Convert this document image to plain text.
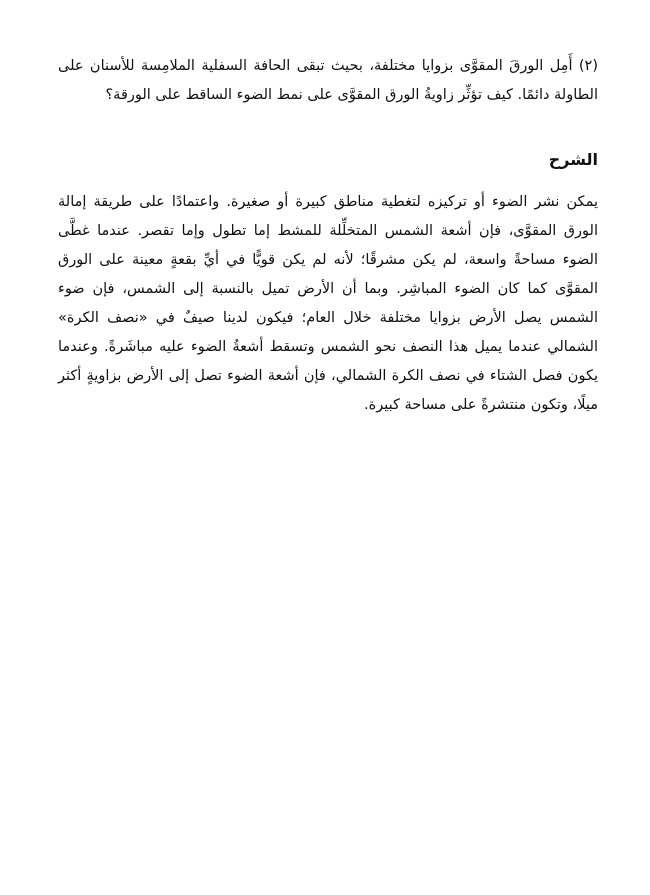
(٢) أَمِل الورقَ المقوَّى بزوايا مختلفة، بحيث تبقى الحافة السفلية الملامِسة للأسنان على الطاولة دائمًا. كيف تؤثِّر زاويةُ الورق المقوَّى على نمط الضوء الساقط على الورقة؟

الشرح

يمكن نشر الضوء أو تركيزه لتغطية مناطق كبيرة أو صغيرة. واعتمادًا على طريقة إمالة الورق المقوَّى، فإن أشعة الشمس المتخلِّلة للمشط إما تطول وإما تقصر. عندما غطَّى الضوء مساحةً واسعة، لم يكن مشرقًا؛ لأنه لم يكن قويًّا في أيِّ بقعةٍ معينة على الورق المقوَّى كما كان الضوء المباشِر. وبما أن الأرض تميل بالنسبة إلى الشمس، فإن ضوء الشمس يصل الأرض بزوايا مختلفة خلال العام؛ فيكون لدينا صيفٌ في «نصف الكرة» الشمالي عندما يميل هذا النصف نحو الشمس وتسقط أشعةُ الضوء عليه مباشَرةً. وعندما يكون فصل الشتاء في نصف الكرة الشمالي، فإن أشعة الضوء تصل إلى الأرض بزاويةٍ أكثر ميلًا، وتكون منتشرةً على مساحة كبيرة.
